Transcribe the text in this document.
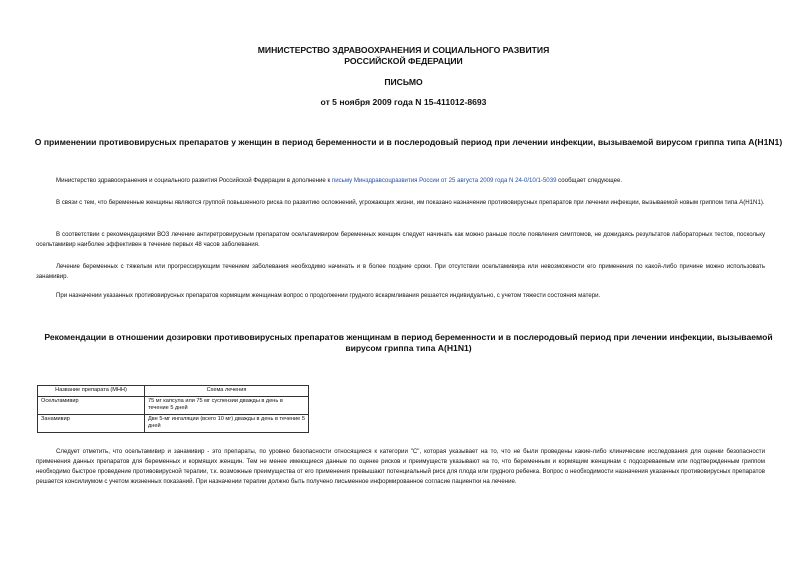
МИНИСТЕРСТВО ЗДРАВООХРАНЕНИЯ И СОЦИАЛЬНОГО РАЗВИТИЯ
РОССИЙСКОЙ ФЕДЕРАЦИИ
ПИСЬМО
от 5 ноября 2009 года N 15-411012-8693
О применении противовирусных препаратов у женщин в период беременности и в послеродовый период при лечении инфекции, вызываемой вирусом гриппа типа А(H1N1)
Министерство здравоохранения и социального развития Российской Федерации в дополнение к письму Минздравсоцразвития России от 25 августа 2009 года N 24-0/10/1-5039 сообщает следующее.
В связи с тем, что беременные женщины являются группой повышенного риска по развитию осложнений, угрожающих жизни, им показано назначение противовирусных препаратов при лечении инфекции, вызываемой новым гриппом типа А(H1N1).
В соответствии с рекомендациями ВОЗ лечение антиретровирусным препаратом осельтамивиром беременных женщин следует начинать как можно раньше после появления симптомов, не дожидаясь результатов лабораторных тестов, поскольку осельтамивир наиболее эффективен в течение первых 48 часов заболевания.
Лечение беременных с тяжелым или прогрессирующим течением заболевания необходимо начинать и в более поздние сроки. При отсутствии осельтамивира или невозможности его применения по какой-либо причине можно использовать занамивир.
При назначении указанных противовирусных препаратов кормящим женщинам вопрос о продолжении грудного вскармливания решается индивидуально, с учетом тяжести состояния матери.
Рекомендации в отношении дозировки противовирусных препаратов женщинам в период беременности и в послеродовый период при лечении инфекции, вызываемой вирусом гриппа типа А(H1N1)
Название препарата (МНН)	Схема лечения
Осельтамивир	75 мг капсула или 75 мг суспензии дважды в день в течение 5 дней
Занамивир	Две 5-мг ингаляции (всего 10 мг) дважды в день в течение 5 дней
Следует отметить, что осельтамивир и занамивир - это препараты, по уровню безопасности относящиеся к категории "С", которая указывает на то, что не были проведены какие-либо клинические исследования для оценки безопасности применения данных препаратов для беременных и кормящих женщин. Тем не менее имеющиеся данные по оценке рисков и преимуществ указывают на то, что беременным и кормящим женщинам с подозреваемым или подтвержденным гриппом необходимо быстрое проведение противовирусной терапии, т.к. возможные преимущества от его применения превышают потенциальный риск для плода или грудного ребенка. Вопрос о необходимости назначения указанных противовирусных препаратов решается консилиумом с учетом жизненных показаний. При назначении терапии должно быть получено письменное информированное согласие пациентки на лечение.
